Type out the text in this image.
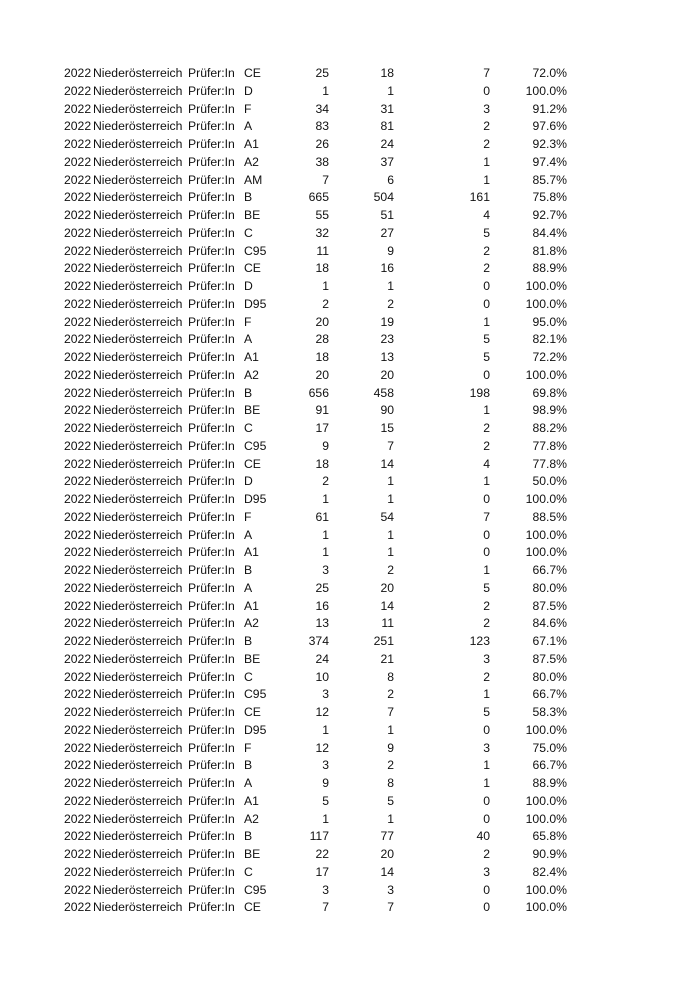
2022 Niederösterreich Prüfer:In CE	25	18	7	72.0%
2022 Niederösterreich Prüfer:In D	1	1	0	100.0%
2022 Niederösterreich Prüfer:In F	34	31	3	91.2%
2022 Niederösterreich Prüfer:In A	83	81	2	97.6%
2022 Niederösterreich Prüfer:In A1	26	24	2	92.3%
2022 Niederösterreich Prüfer:In A2	38	37	1	97.4%
2022 Niederösterreich Prüfer:In AM	7	6	1	85.7%
2022 Niederösterreich Prüfer:In B	665	504	161	75.8%
2022 Niederösterreich Prüfer:In BE	55	51	4	92.7%
2022 Niederösterreich Prüfer:In C	32	27	5	84.4%
2022 Niederösterreich Prüfer:In C95	11	9	2	81.8%
2022 Niederösterreich Prüfer:In CE	18	16	2	88.9%
2022 Niederösterreich Prüfer:In D	1	1	0	100.0%
2022 Niederösterreich Prüfer:In D95	2	2	0	100.0%
2022 Niederösterreich Prüfer:In F	20	19	1	95.0%
2022 Niederösterreich Prüfer:In A	28	23	5	82.1%
2022 Niederösterreich Prüfer:In A1	18	13	5	72.2%
2022 Niederösterreich Prüfer:In A2	20	20	0	100.0%
2022 Niederösterreich Prüfer:In B	656	458	198	69.8%
2022 Niederösterreich Prüfer:In BE	91	90	1	98.9%
2022 Niederösterreich Prüfer:In C	17	15	2	88.2%
2022 Niederösterreich Prüfer:In C95	9	7	2	77.8%
2022 Niederösterreich Prüfer:In CE	18	14	4	77.8%
2022 Niederösterreich Prüfer:In D	2	1	1	50.0%
2022 Niederösterreich Prüfer:In D95	1	1	0	100.0%
2022 Niederösterreich Prüfer:In F	61	54	7	88.5%
2022 Niederösterreich Prüfer:In A	1	1	0	100.0%
2022 Niederösterreich Prüfer:In A1	1	1	0	100.0%
2022 Niederösterreich Prüfer:In B	3	2	1	66.7%
2022 Niederösterreich Prüfer:In A	25	20	5	80.0%
2022 Niederösterreich Prüfer:In A1	16	14	2	87.5%
2022 Niederösterreich Prüfer:In A2	13	11	2	84.6%
2022 Niederösterreich Prüfer:In B	374	251	123	67.1%
2022 Niederösterreich Prüfer:In BE	24	21	3	87.5%
2022 Niederösterreich Prüfer:In C	10	8	2	80.0%
2022 Niederösterreich Prüfer:In C95	3	2	1	66.7%
2022 Niederösterreich Prüfer:In CE	12	7	5	58.3%
2022 Niederösterreich Prüfer:In D95	1	1	0	100.0%
2022 Niederösterreich Prüfer:In F	12	9	3	75.0%
2022 Niederösterreich Prüfer:In B	3	2	1	66.7%
2022 Niederösterreich Prüfer:In A	9	8	1	88.9%
2022 Niederösterreich Prüfer:In A1	5	5	0	100.0%
2022 Niederösterreich Prüfer:In A2	1	1	0	100.0%
2022 Niederösterreich Prüfer:In B	117	77	40	65.8%
2022 Niederösterreich Prüfer:In BE	22	20	2	90.9%
2022 Niederösterreich Prüfer:In C	17	14	3	82.4%
2022 Niederösterreich Prüfer:In C95	3	3	0	100.0%
2022 Niederösterreich Prüfer:In CE	7	7	0	100.0%
